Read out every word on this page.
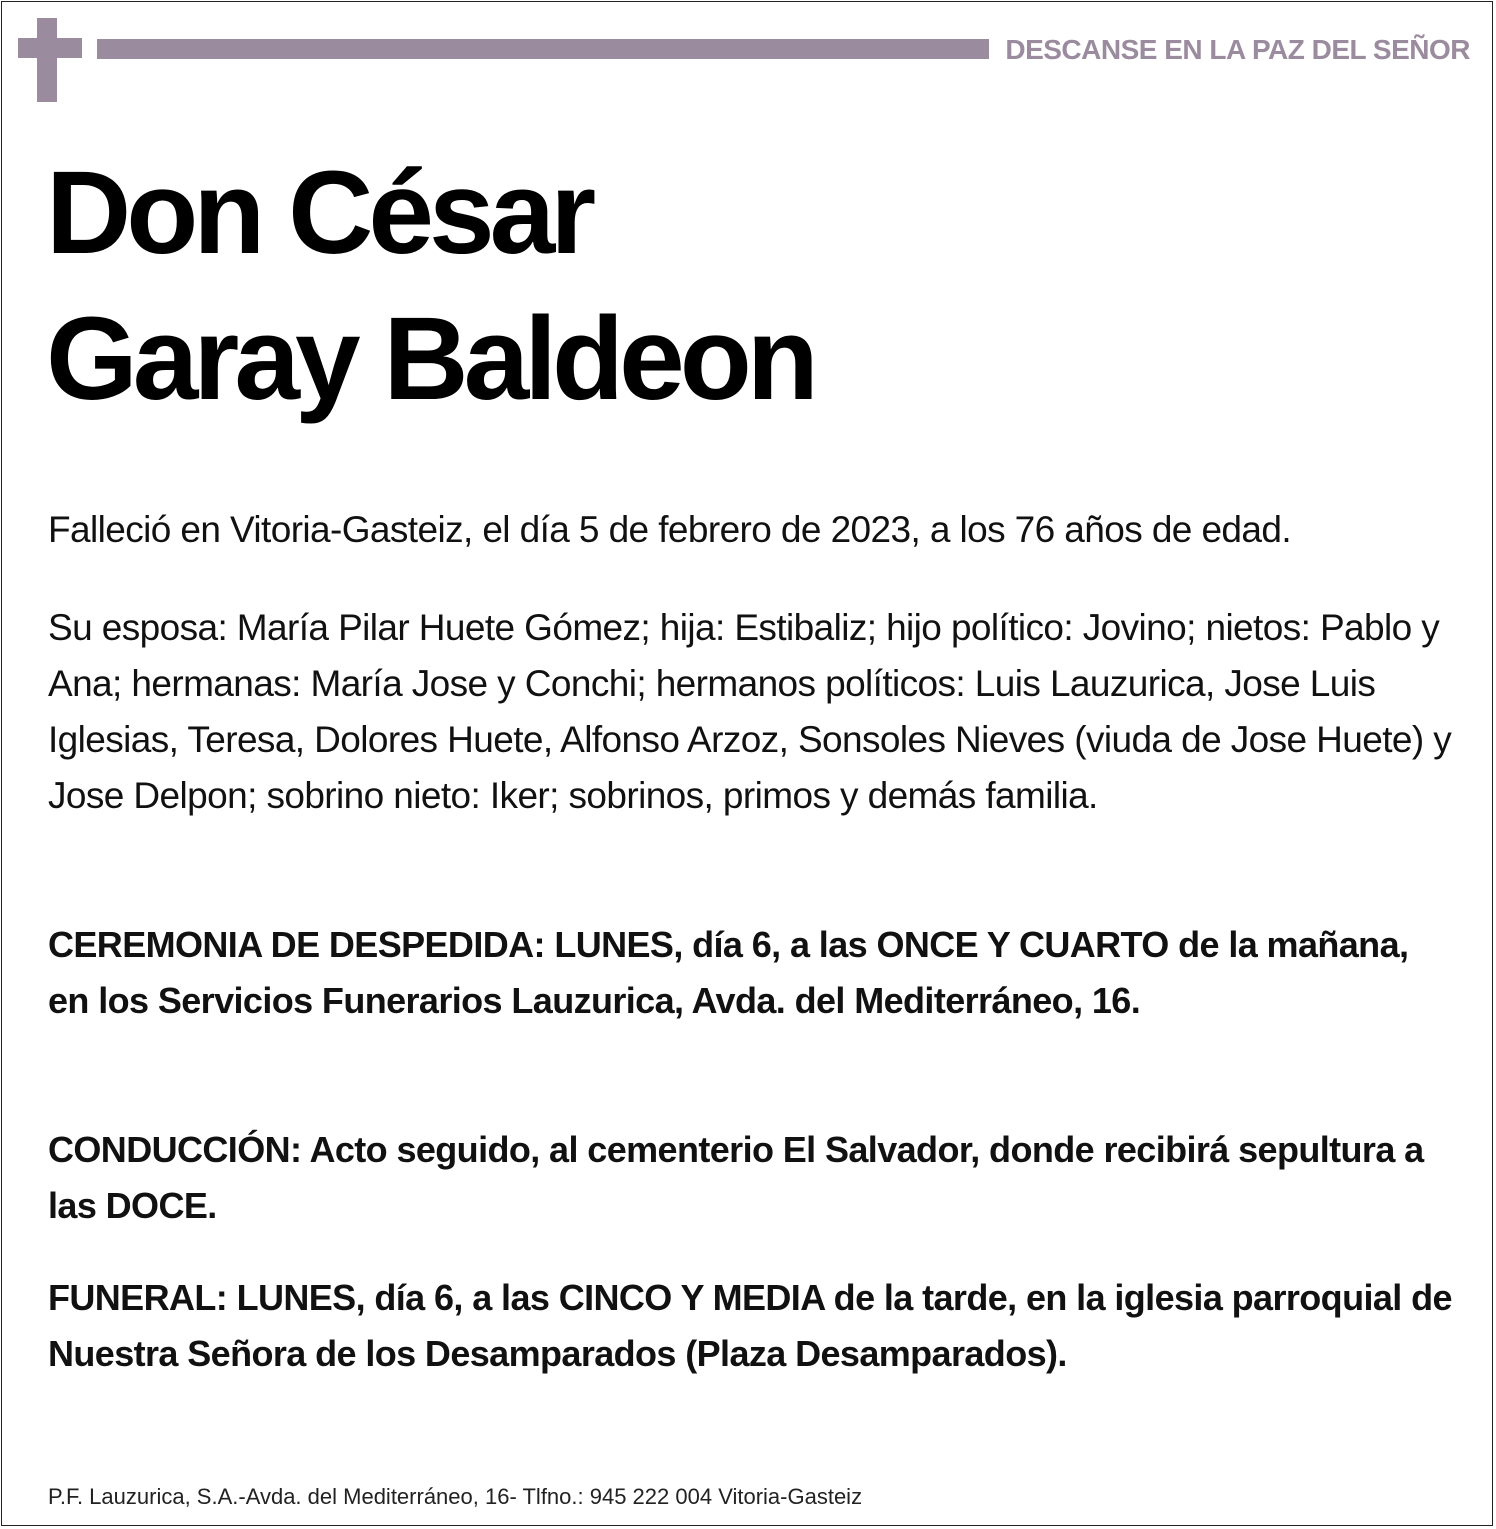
DESCANSE EN LA PAZ DEL SEÑOR
Don César
Garay Baldeon
Falleció en Vitoria-Gasteiz, el día 5 de febrero de 2023, a los 76 años de edad.
Su esposa: María Pilar Huete Gómez; hija: Estibaliz; hijo político: Jovino; nietos: Pablo y Ana; hermanas: María Jose y Conchi; hermanos políticos: Luis Lauzurica, Jose Luis Iglesias, Teresa, Dolores Huete, Alfonso Arzoz, Sonsoles Nieves (viuda de Jose Huete) y Jose Delpon; sobrino nieto: Iker; sobrinos, primos y demás familia.
CEREMONIA DE DESPEDIDA: LUNES, día 6, a las ONCE Y CUARTO de la mañana, en los Servicios Funerarios Lauzurica, Avda. del Mediterráneo, 16.
CONDUCCIÓN: Acto seguido, al cementerio El Salvador, donde recibirá sepultura a las DOCE.
FUNERAL: LUNES, día 6, a las CINCO Y MEDIA de la tarde, en la iglesia parroquial de Nuestra Señora de los Desamparados (Plaza Desamparados).
P.F. Lauzurica, S.A.-Avda. del Mediterráneo, 16- Tlfno.: 945 222 004 Vitoria-Gasteiz
